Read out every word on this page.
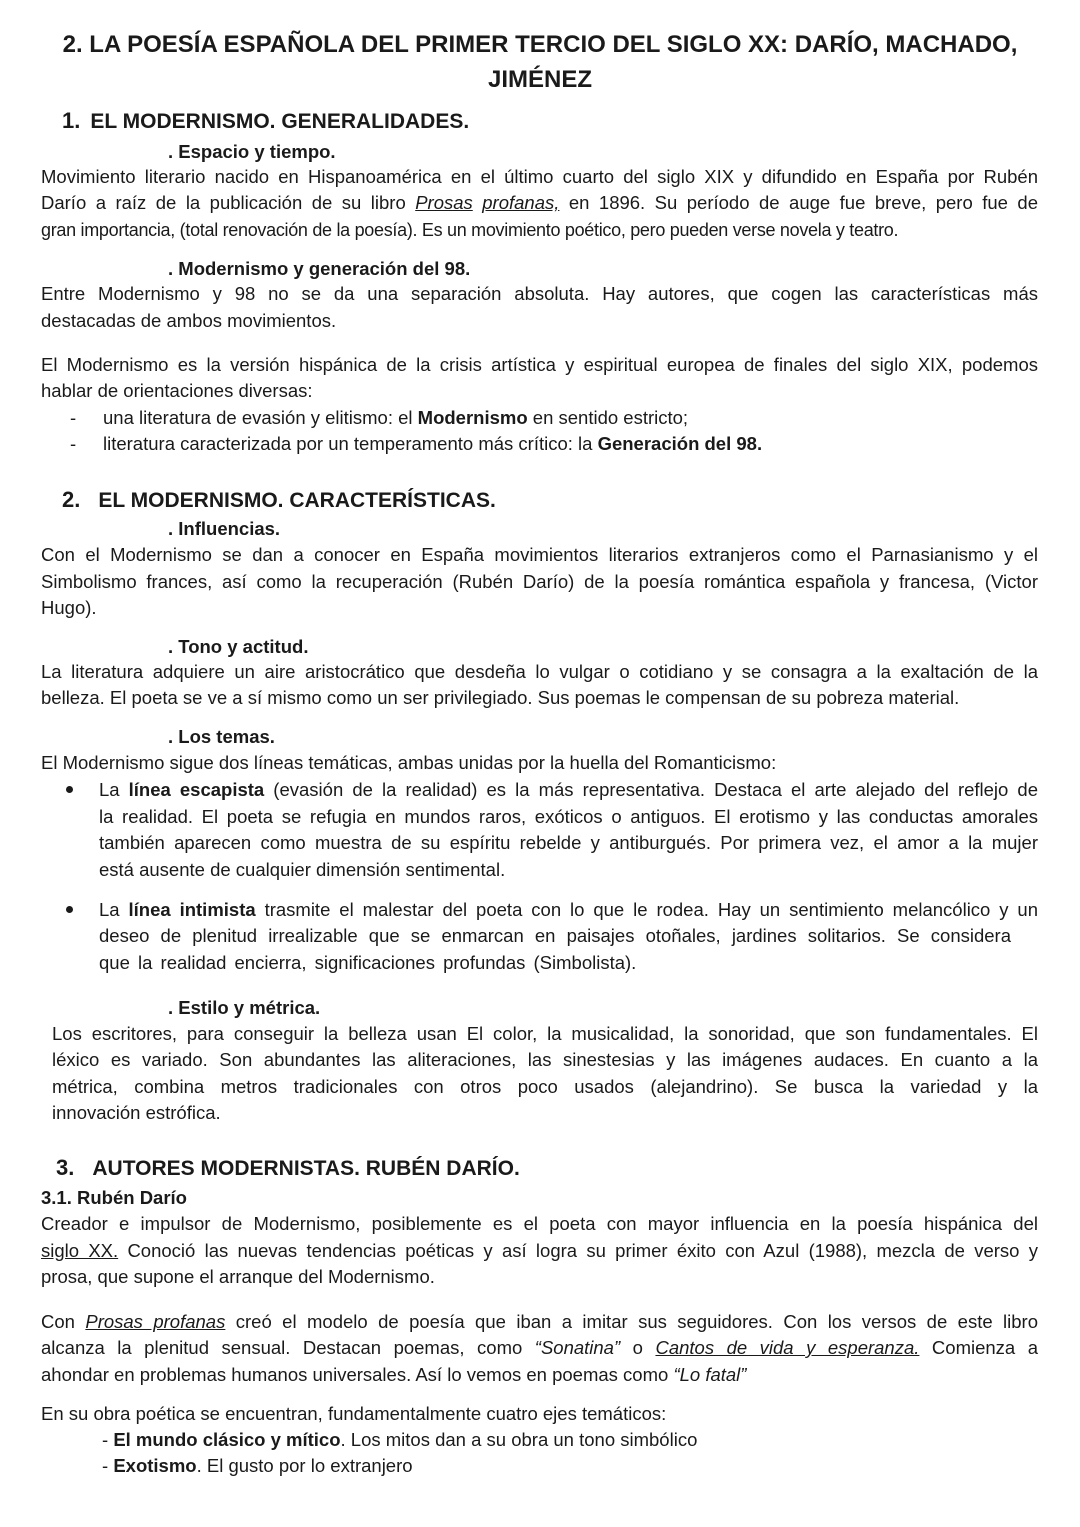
2. LA POESÍA ESPAÑOLA DEL PRIMER TERCIO DEL SIGLO XX: DARÍO, MACHADO,
JIMÉNEZ
1. EL MODERNISMO. GENERALIDADES.
. Espacio y tiempo.
Movimiento literario nacido en Hispanoamérica en el último cuarto del siglo XIX y difundido en España por Rubén
Darío a raíz de la publicación de su libro Prosas profanas, en 1896. Su período de auge fue breve, pero fue de
gran importancia, (total renovación de la poesía). Es un movimiento poético, pero pueden verse novela y teatro.
. Modernismo y generación del 98.
Entre Modernismo y 98 no se da una separación absoluta. Hay autores, que cogen las características más
destacadas de ambos movimientos.
El Modernismo es la versión hispánica de la crisis artística y espiritual europea de finales del siglo XIX, podemos
hablar de orientaciones diversas:
- una literatura de evasión y elitismo: el Modernismo en sentido estricto;
- literatura caracterizada por un temperamento más crítico: la Generación del 98.
2. EL MODERNISMO. CARACTERÍSTICAS.
. Influencias.
Con el Modernismo se dan a conocer en España movimientos literarios extranjeros como el Parnasianismo y el
Simbolismo frances, así como la recuperación (Rubén Darío) de la poesía romántica española y francesa, (Victor
Hugo).
. Tono y actitud.
La literatura adquiere un aire aristocrático que desdeña lo vulgar o cotidiano y se consagra a la exaltación de la
belleza. El poeta se ve a sí mismo como un ser privilegiado. Sus poemas le compensan de su pobreza material.
. Los temas.
El Modernismo sigue dos líneas temáticas, ambas unidas por la huella del Romanticismo:
La línea escapista (evasión de la realidad) es la más representativa. Destaca el arte alejado del reflejo de
la realidad. El poeta se refugia en mundos raros, exóticos o antiguos. El erotismo y las conductas amorales
también aparecen como muestra de su espíritu rebelde y antiburgués. Por primera vez, el amor a la mujer
está ausente de cualquier dimensión sentimental.
La línea intimista trasmite el malestar del poeta con lo que le rodea. Hay un sentimiento melancólico y un
deseo de plenitud irrealizable que se enmarcan en paisajes otoñales, jardines solitarios. Se considera
que la realidad encierra, significaciones profundas (Simbolista).
. Estilo y métrica.
Los escritores, para conseguir la belleza usan El color, la musicalidad, la sonoridad, que son fundamentales. El
léxico es variado. Son abundantes las aliteraciones, las sinestesias y las imágenes audaces. En cuanto a la
métrica, combina metros tradicionales con otros poco usados (alejandrino). Se busca la variedad y la
innovación estrófica.
3. AUTORES MODERNISTAS. RUBÉN DARÍO.
3.1. Rubén Darío
Creador e impulsor de Modernismo, posiblemente es el poeta con mayor influencia en la poesía hispánica del
siglo XX. Conoció las nuevas tendencias poéticas y así logra su primer éxito con Azul (1988), mezcla de verso y
prosa, que supone el arranque del Modernismo.
Con Prosas profanas creó el modelo de poesía que iban a imitar sus seguidores. Con los versos de este libro
alcanza la plenitud sensual. Destacan poemas, como “Sonatina” o Cantos de vida y esperanza. Comienza a
ahondar en problemas humanos universales. Así lo vemos en poemas como “Lo fatal”
En su obra poética se encuentran, fundamentalmente cuatro ejes temáticos:
- El mundo clásico y mítico. Los mitos dan a su obra un tono simbólico
- Exotismo. El gusto por lo extranjero
